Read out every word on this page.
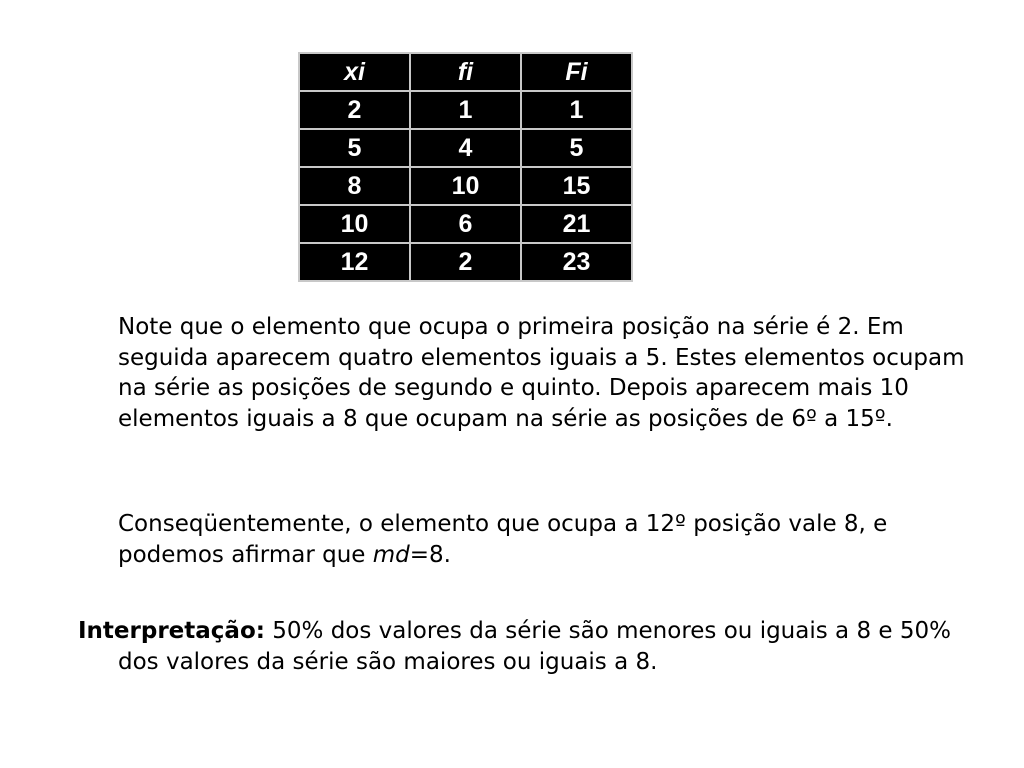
xi	fi	Fi
2	1	1
5	4	5
8	10	15
10	6	21
12	2	23

Note que o elemento que ocupa o primeira posição na série é 2. Em seguida aparecem quatro elementos iguais a 5. Estes elementos ocupam na série as posições de segundo e quinto. Depois aparecem mais 10 elementos iguais a 8 que ocupam na série as posições de 6º a 15º.

Conseqüentemente, o elemento que ocupa a 12º posição vale 8, e podemos afirmar que md=8.

Interpretação: 50% dos valores da série são menores ou iguais a 8 e 50% dos valores da série são maiores ou iguais a 8.
